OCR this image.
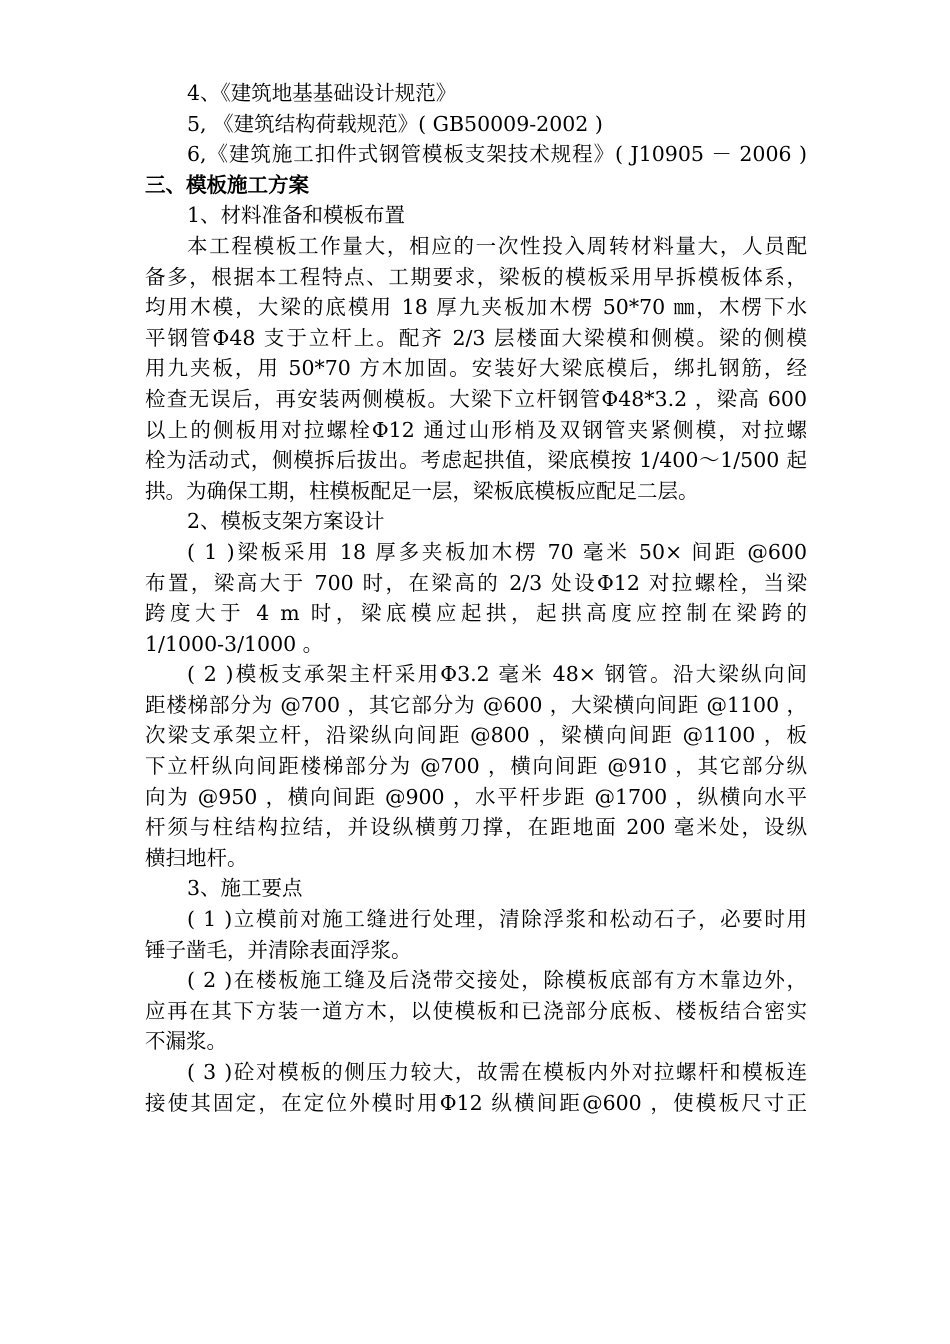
4、《建筑地基基础设计规范》
5, 《建筑结构荷载规范》( GB50009-2002 )
6,《建筑施工扣件式钢管模板支架技术规程》( J10905 － 2006 )
三、模板施工方案
1、材料准备和模板布置
本工程模板工作量大，相应的一次性投入周转材料量大，人员配
备多，根据本工程特点、工期要求，梁板的模板采用早拆模板体系，
均用木模，大梁的底模用 18 厚九夹板加木楞 50*70 ㎜，木楞下水
平钢管Φ48 支于立杆上。配齐 2/3 层楼面大梁模和侧模。梁的侧模
用九夹板，用 50*70 方木加固。安装好大梁底模后，绑扎钢筋，经
检查无误后，再安装两侧模板。大梁下立杆钢管Φ48*3.2 ，梁高 600
以上的侧板用对拉螺栓Φ12 通过山形梢及双钢管夹紧侧模，对拉螺
栓为活动式，侧模拆后拔出。考虑起拱值，梁底模按 1/400～1/500 起
拱。为确保工期，柱模板配足一层，梁板底模板应配足二层。
2、模板支架方案设计
( 1 )梁板采用 18 厚多夹板加木楞 70 毫米 50× 间距 @600
布置，梁高大于 700 时，在梁高的 2/3 处设Φ12 对拉螺栓，当梁
跨度大于 4 m 时，梁底模应起拱，起拱高度应控制在梁跨的
1/1000-3/1000 。
( 2 )模板支承架主杆采用Φ3.2 毫米 48× 钢管。沿大梁纵向间
距楼梯部分为 @700 ，其它部分为 @600 ，大梁横向间距 @1100 ，
次梁支承架立杆，沿梁纵向间距 @800 ，梁横向间距 @1100 ，板
下立杆纵向间距楼梯部分为 @700 ，横向间距 @910 ，其它部分纵
向为 @950 ，横向间距 @900 ，水平杆步距 @1700 ，纵横向水平
杆须与柱结构拉结，并设纵横剪刀撑，在距地面 200 毫米处，设纵
横扫地杆。
3、施工要点
( 1 )立模前对施工缝进行处理，清除浮浆和松动石子，必要时用
锤子凿毛，并清除表面浮浆。
( 2 )在楼板施工缝及后浇带交接处，除模板底部有方木靠边外，
应再在其下方装一道方木，以使模板和已浇部分底板、楼板结合密实
不漏浆。
( 3 )砼对模板的侧压力较大，故需在模板内外对拉螺杆和模板连
接使其固定，在定位外模时用Φ12 纵横间距@600 ，使模板尺寸正
